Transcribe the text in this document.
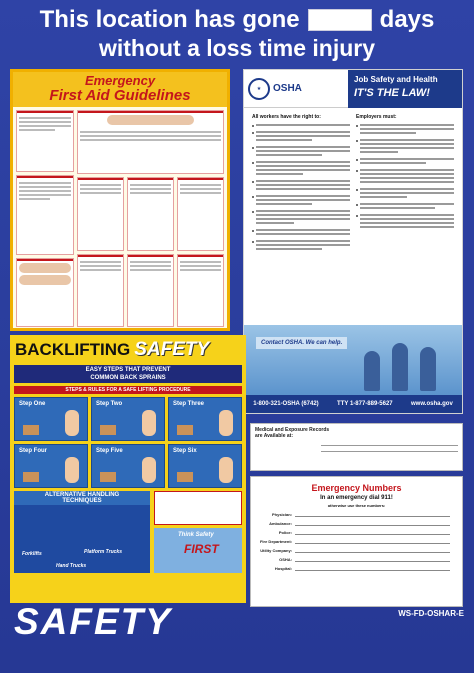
This location has gone	days
without a loss time injury
Emergency
First Aid Guidelines	★	OSHA
Job Safety and Health
IT'S THE LAW!
All workers have the right to:	Employers must:
Contact OSHA. We can help.
1-800-321-OSHA (6742)	TTY 1-877-889-5627	www.osha.gov
BACKLIFTING SAFETY
EASY STEPS THAT PREVENT
COMMON BACK SPRAINS
STEPS & RULES FOR A SAFE LIFTING PROCEDURE
Step One	Step Two	Step Three
Step Four	Step Five	Step Six
ALTERNATIVE HANDLING
TECHNIQUES
Forklifts	Platform Trucks
Hand Trucks
Think Safety
FIRST
Medical and Exposure Records
are Available at:
Emergency Numbers
In an emergency dial 911!
otherwise use these numbers:
Physician:
Ambulance:
Police:
Fire Department:
Utility Company:
OSHA:
Hospital:
SAFETY	WS-FD-OSHAR-E
